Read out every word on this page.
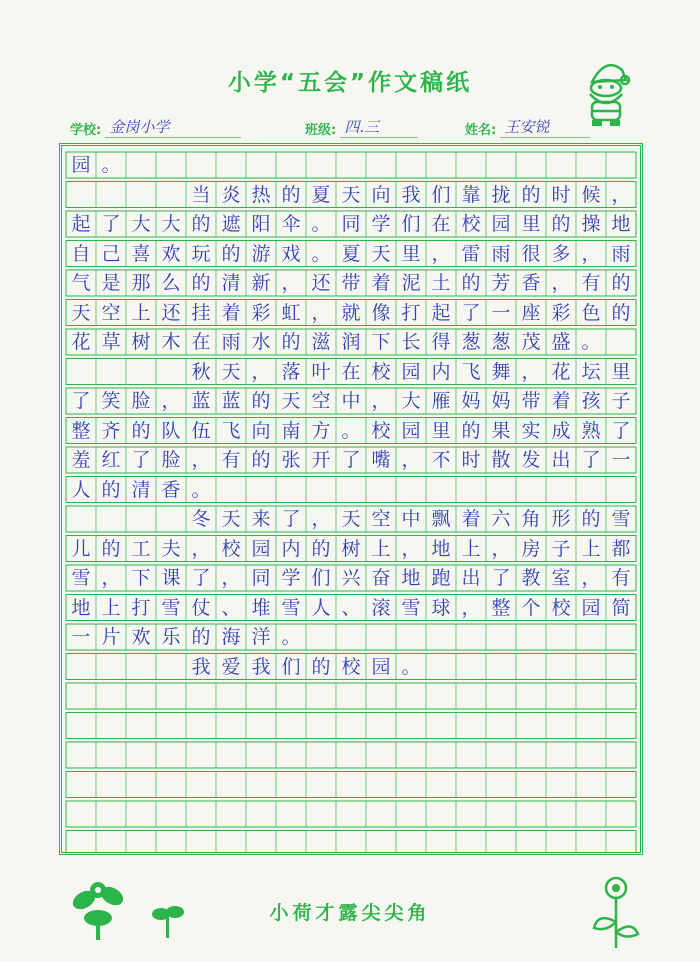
小学“五会”作文稿纸
学校: 金岗小学	班级: 四.三	姓名: 王安锐
园 。
当 炎 热 的 夏 天 向 我 们 靠 拢 的 时 候 ，
起 了 大 大 的 遮 阳 伞 。 同 学 们 在 校 园 里 的 操 地
自 己 喜 欢 玩 的 游 戏 。 夏 天 里 ， 雷 雨 很 多 ， 雨
气 是 那 么 的 清 新 ， 还 带 着 泥 土 的 芳 香 ， 有 的
天 空 上 还 挂 着 彩 虹 ， 就 像 打 起 了 一 座 彩 色 的
花 草 树 木 在 雨 水 的 滋 润 下 长 得 葱 葱 茂 盛 。
秋 天 ， 落 叶 在 校 园 内 飞 舞 ， 花 坛 里
了 笑 脸 ， 蓝 蓝 的 天 空 中 ， 大 雁 妈 妈 带 着 孩 子
整 齐 的 队 伍 飞 向 南 方 。 校 园 里 的 果 实 成 熟 了
羞 红 了 脸 ， 有 的 张 开 了 嘴 ， 不 时 散 发 出 了 一
人 的 清 香 。
冬 天 来 了 ， 天 空 中 飘 着 六 角 形 的 雪
儿 的 工 夫 ， 校 园 内 的 树 上 ， 地 上 ， 房 子 上 都
雪 ， 下 课 了 ， 同 学 们 兴 奋 地 跑 出 了 教 室 ， 有
地 上 打 雪 仗 、 堆 雪 人 、 滚 雪 球 ， 整 个 校 园 简
一 片 欢 乐 的 海 洋 。
我 爱 我 们 的 校 园 。
小荷才露尖尖角
